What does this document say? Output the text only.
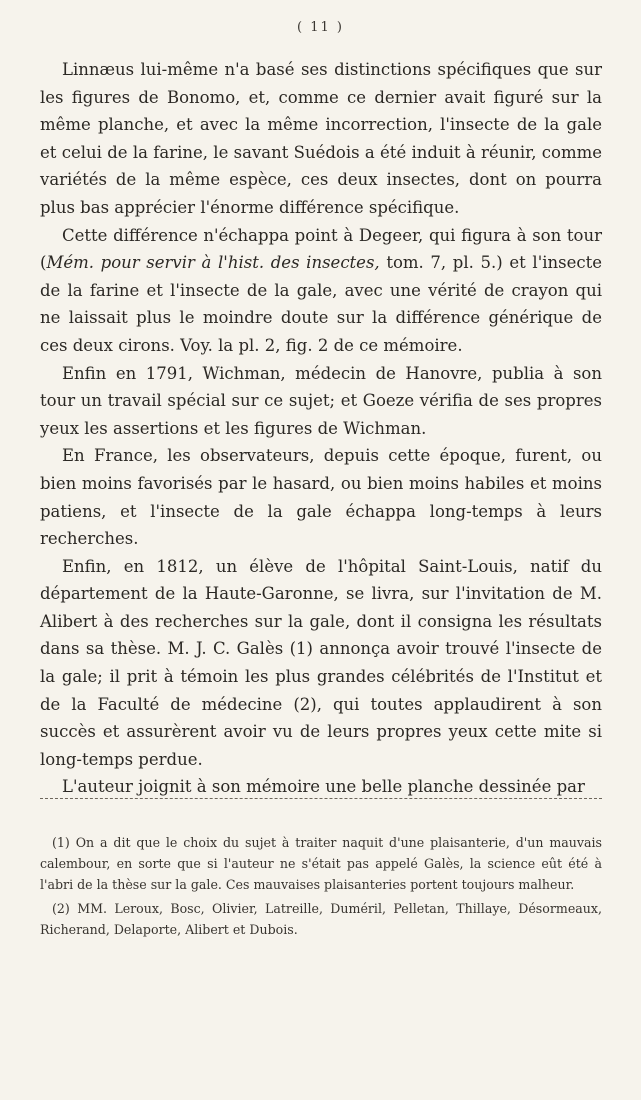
( 11 )

Linnæus lui-même n'a basé ses distinctions spécifiques que sur les figures de Bonomo, et, comme ce dernier avait figuré sur la même planche, et avec la même incorrection, l'insecte de la gale et celui de la farine, le savant Suédois a été induit à réunir, comme variétés de la même espèce, ces deux insectes, dont on pourra plus bas apprécier l'énorme différence spécifique.

Cette différence n'échappa point à Degeer, qui figura à son tour (Mém. pour servir à l'hist. des insectes, tom. 7, pl. 5.) et l'insecte de la farine et l'insecte de la gale, avec une vérité de crayon qui ne laissait plus le moindre doute sur la différence générique de ces deux cirons. Voy. la pl. 2, fig. 2 de ce mémoire.

Enfin en 1791, Wichman, médecin de Hanovre, publia à son tour un travail spécial sur ce sujet; et Goeze vérifia de ses propres yeux les assertions et les figures de Wichman.

En France, les observateurs, depuis cette époque, furent, ou bien moins favorisés par le hasard, ou bien moins habiles et moins patiens, et l'insecte de la gale échappa long-temps à leurs recherches.

Enfin, en 1812, un élève de l'hôpital Saint-Louis, natif du département de la Haute-Garonne, se livra, sur l'invitation de M. Alibert à des recherches sur la gale, dont il consigna les résultats dans sa thèse. M. J. C. Galès (1) annonça avoir trouvé l'insecte de la gale; il prit à témoin les plus grandes célébrités de l'Institut et de la Faculté de médecine (2), qui toutes applaudirent à son succès et assurèrent avoir vu de leurs propres yeux cette mite si long-temps perdue.

L'auteur joignit à son mémoire une belle planche dessinée par

(1) On a dit que le choix du sujet à traiter naquit d'une plaisanterie, d'un mauvais calembour, en sorte que si l'auteur ne s'était pas appelé Galès, la science eût été à l'abri de la thèse sur la gale. Ces mauvaises plaisanteries portent toujours malheur.

(2) MM. Leroux, Bosc, Olivier, Latreille, Duméril, Pelletan, Thillaye, Désormeaux, Richerand, Delaporte, Alibert et Dubois.
